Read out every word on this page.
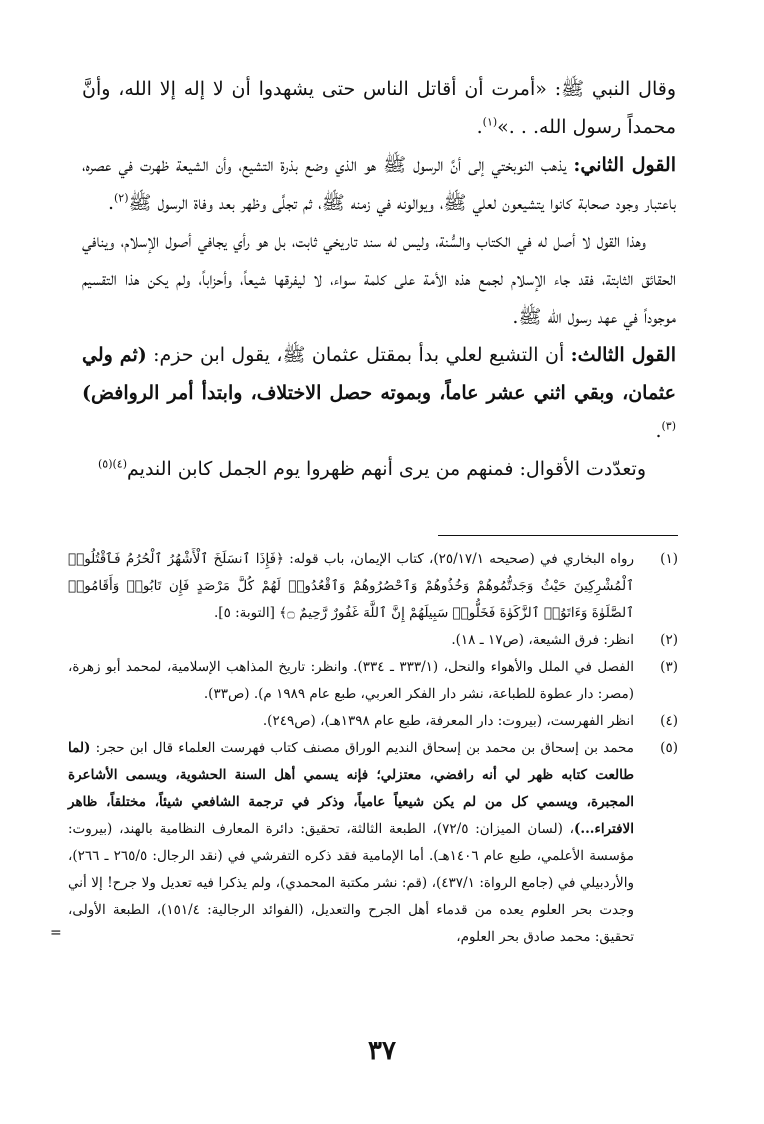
وقال النبي ﷺ: «أمرت أن أقاتل الناس حتى يشهدوا أن لا إله إلا الله، وأنَّ محمداً رسول الله. . .»$^{(١)}$.

القول الثاني: يذهب النوبختي إلى أنَّ الرسول ﷺ هو الذي وضع بذرة التشيع، وأن الشيعة ظهرت في عصره، باعتبار وجود صحابة كانوا يتشيعون لعلي ﷺ، ويوالونه في زمنه ﷺ، ثم تجلَّى وظهر بعد وفاة الرسول ﷺ$^{(٢)}$.

وهذا القول لا أصل له في الكتاب والسُّنة، وليس له سند تاريخي ثابت، بل هو رأي يجافي أصول الإسلام، وينافي الحقائق الثابتة، فقد جاء الإسلام لجمع هذه الأمة على كلمة سواء، لا ليفرقها شيعاً، وأحزاباً، ولم يكن هذا التقسيم موجوداً في عهد رسول الله ﷺ.

القول الثالث: أن التشيع لعلي بدأ بمقتل عثمان ﷺ، يقول ابن حزم: (ثم ولي عثمان، وبقي اثني عشر عاماً، وبموته حصل الاختلاف، وابتدأ أمر الروافض)$^{(٣)}$.

وتعدّدت الأقوال: فمنهم من يرى أنهم ظهروا يوم الجمل كابن النديم$^{(٤)(٥)}$

(١)
رواه البخاري في (صحيحه ٢٥/١٧/١)، كتاب الإيمان، باب قوله: ﴿فَإِذَا ٱنسَلَخَ ٱلْأَشْهُرُ ٱلْحُرُمُ فَٱقْتُلُوا۟ ٱلْمُشْرِكِينَ حَيْثُ وَجَدتُّمُوهُمْ وَخُذُوهُمْ وَٱحْصُرُوهُمْ وَٱقْعُدُوا۟ لَهُمْ كُلَّ مَرْصَدٍ فَإِن تَابُوا۟ وَأَقَامُوا۟ ٱلصَّلَوٰةَ وَءَاتَوُا۟ ٱلزَّكَوٰةَ فَخَلُّوا۟ سَبِيلَهُمْ إِنَّ ٱللَّهَ غَفُورٌ رَّحِيمٌ ۝﴾ [التوبة: ٥].

(٢)
انظر: فرق الشيعة، (ص١٧ ـ ١٨).

(٣)
الفصل في الملل والأهواء والنحل، (٣٣٣/١ ـ ٣٣٤). وانظر: تاريخ المذاهب الإسلامية، لمحمد أبو زهرة، (مصر: دار عطوة للطباعة، نشر دار الفكر العربي، طبع عام ١٩٨٩ م). (ص٣٣).

(٤)
انظر الفهرست، (بيروت: دار المعرفة، طبع عام ١٣٩٨هـ)، (ص٢٤٩).

(٥)
محمد بن إسحاق بن محمد بن إسحاق النديم الوراق مصنف كتاب فهرست العلماء قال ابن حجر: (لما طالعت كتابه ظهر لي أنه رافضي، معتزلي؛ فإنه يسمي أهل السنة الحشوية، ويسمى الأشاعرة المجبرة، ويسمي كل من لم يكن شيعياً عامياً، وذكر في ترجمة الشافعي شيئاً، مختلقاً، ظاهر الافتراء...)، (لسان الميزان: ٧٢/٥)، الطبعة الثالثة، تحقيق: دائرة المعارف النظامية بالهند، (بيروت: مؤسسة الأعلمي، طبع عام ١٤٠٦هـ). أما الإمامية فقد ذكره التفرشي في (نقد الرجال: ٢٦٥/٥ ـ ٢٦٦)، والأردبيلي في (جامع الرواة: ٤٣٧/١)، (قم: نشر مكتبة المحمدي)، ولم يذكرا فيه تعديل ولا جرح! إلا أني وجدت بحر العلوم يعده من قدماء أهل الجرح والتعديل، (الفوائد الرجالية: ١٥١/٤)، الطبعة الأولى، تحقيق: محمد صادق بحر العلوم،
=

٣٧
